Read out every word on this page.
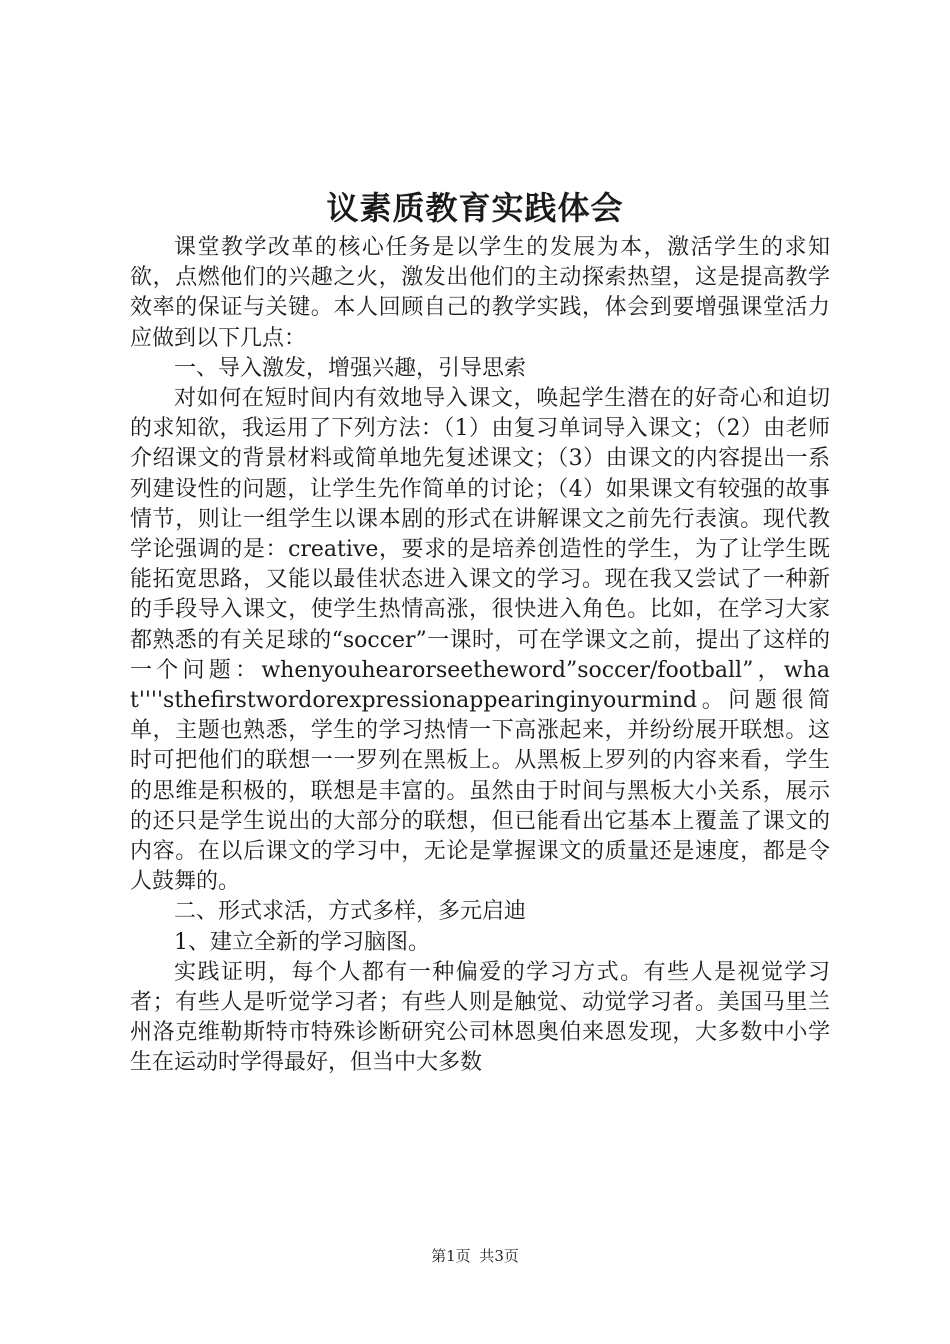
议素质教育实践体会

课堂教学改革的核心任务是以学生的发展为本，激活学生的求知欲，点燃他们的兴趣之火，激发出他们的主动探索热望，这是提高教学效率的保证与关键。本人回顾自己的教学实践，体会到要增强课堂活力应做到以下几点：

一、导入激发，增强兴趣，引导思索

对如何在短时间内有效地导入课文，唤起学生潜在的好奇心和迫切的求知欲，我运用了下列方法：（1）由复习单词导入课文；（2）由老师介绍课文的背景材料或简单地先复述课文；（3）由课文的内容提出一系列建设性的问题，让学生先作简单的讨论；（4）如果课文有较强的故事情节，则让一组学生以课本剧的形式在讲解课文之前先行表演。现代教学论强调的是：creative，要求的是培养创造性的学生，为了让学生既能拓宽思路，又能以最佳状态进入课文的学习。现在我又尝试了一种新的手段导入课文，使学生热情高涨，很快进入角色。比如，在学习大家都熟悉的有关足球的“soccer”一课时，可在学课文之前，提出了这样的一个问题：whenyouhearorseetheword”soccer/football”，what''''sthefirstwordorexpressionappearinginyourmind。问题很简单，主题也熟悉，学生的学习热情一下高涨起来，并纷纷展开联想。这时可把他们的联想一一罗列在黑板上。从黑板上罗列的内容来看，学生的思维是积极的，联想是丰富的。虽然由于时间与黑板大小关系，展示的还只是学生说出的大部分的联想，但已能看出它基本上覆盖了课文的内容。在以后课文的学习中，无论是掌握课文的质量还是速度，都是令人鼓舞的。

二、形式求活，方式多样，多元启迪

1、建立全新的学习脑图。

实践证明，每个人都有一种偏爱的学习方式。有些人是视觉学习者；有些人是听觉学习者；有些人则是触觉、动觉学习者。美国马里兰州洛克维勒斯特市特殊诊断研究公司林恩奥伯来恩发现，大多数中小学生在运动时学得最好，但当中大多数

第1页 共3页
